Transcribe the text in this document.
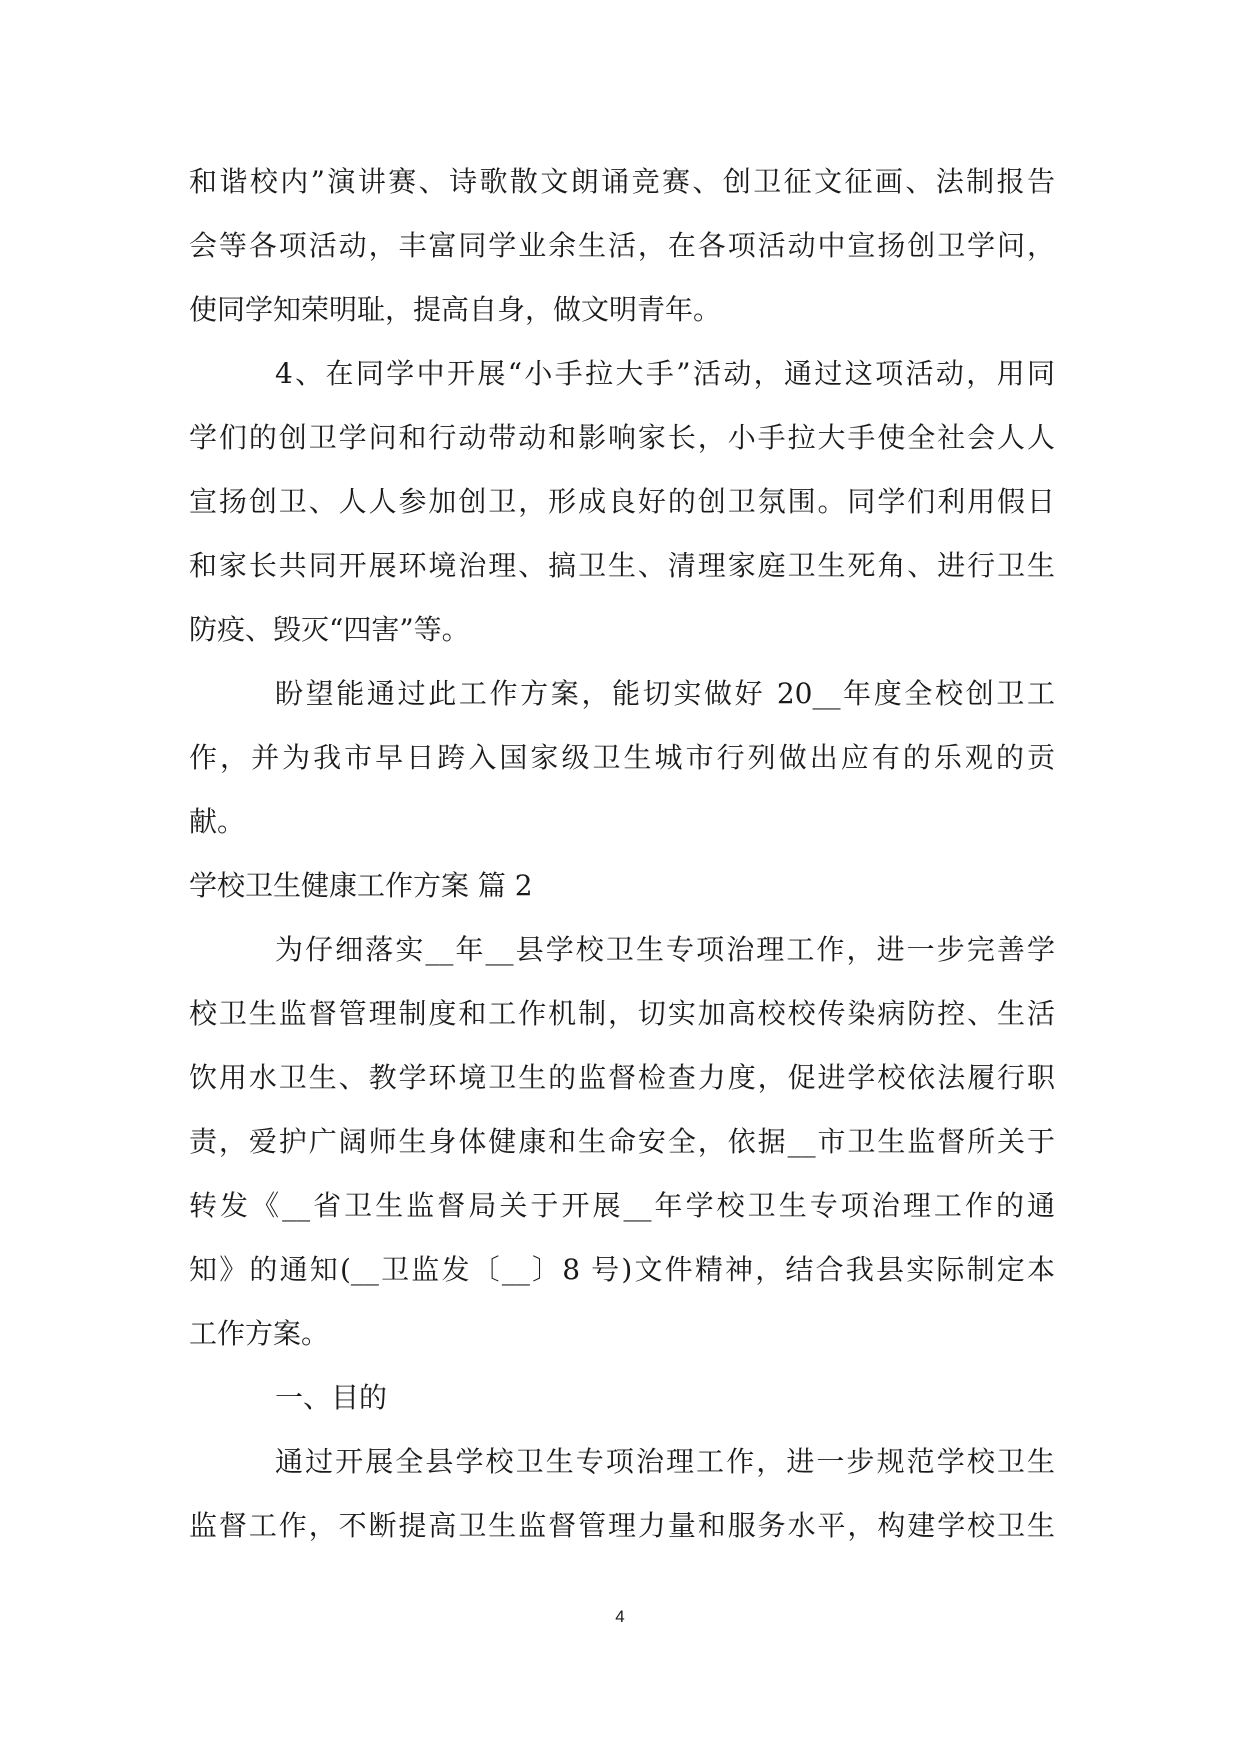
和谐校内”演讲赛、诗歌散文朗诵竞赛、创卫征文征画、法制报告
会等各项活动，丰富同学业余生活，在各项活动中宣扬创卫学问，
使同学知荣明耻，提高自身，做文明青年。
4、在同学中开展“小手拉大手”活动，通过这项活动，用同
学们的创卫学问和行动带动和影响家长，小手拉大手使全社会人人
宣扬创卫、人人参加创卫，形成良好的创卫氛围。同学们利用假日
和家长共同开展环境治理、搞卫生、清理家庭卫生死角、进行卫生
防疫、毁灭“四害”等。
盼望能通过此工作方案，能切实做好 20__年度全校创卫工
作，并为我市早日跨入国家级卫生城市行列做出应有的乐观的贡
献。
学校卫生健康工作方案 篇 2
为仔细落实__年__县学校卫生专项治理工作，进一步完善学
校卫生监督管理制度和工作机制，切实加高校校传染病防控、生活
饮用水卫生、教学环境卫生的监督检查力度，促进学校依法履行职
责，爱护广阔师生身体健康和生命安全，依据__市卫生监督所关于
转发《__省卫生监督局关于开展__年学校卫生专项治理工作的通
知》的通知(__卫监发〔__〕8 号)文件精神，结合我县实际制定本
工作方案。
一、目的
通过开展全县学校卫生专项治理工作，进一步规范学校卫生
监督工作，不断提高卫生监督管理力量和服务水平，构建学校卫生
4
